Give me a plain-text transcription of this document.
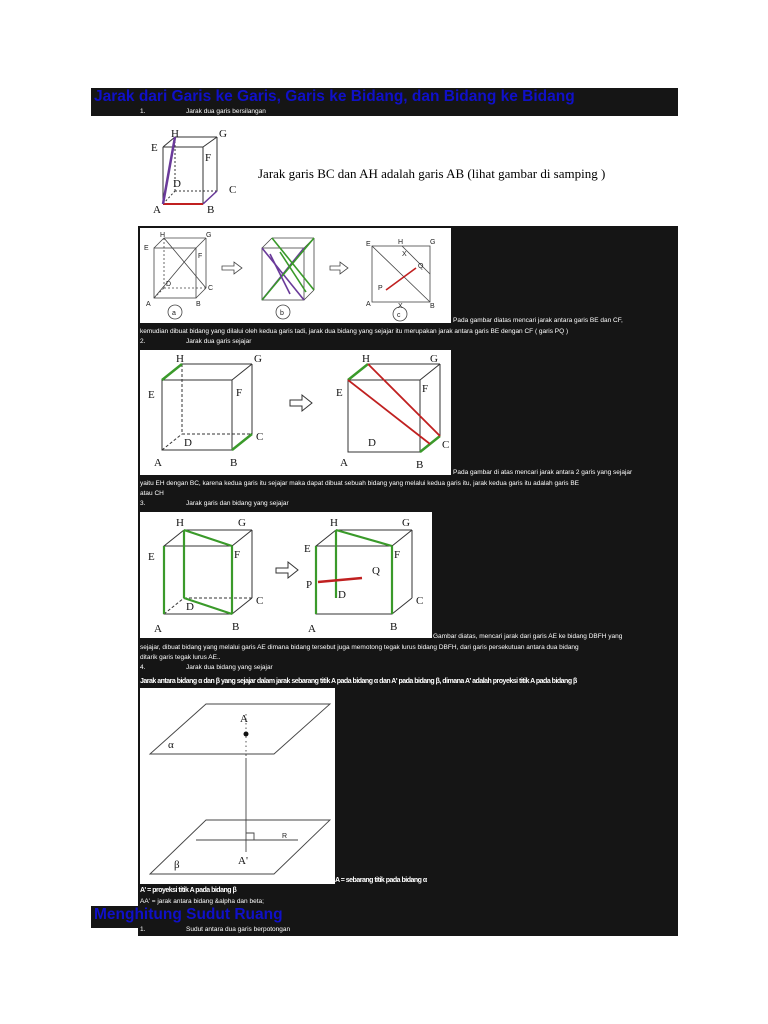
Jarak dari Garis ke Garis, Garis ke Bidang, dan Bidang ke Bidang
1.	Jarak dua garis bersilangan
H	G
E
F
D	C
A	B
Jarak garis BC dan AH adalah garis AB (lihat gambar di samping )
E
H	G
F
D
C
A	B
a	b	c
E	H	G
P
Q
X
A	X	B
Pada gambar diatas mencari jarak antara garis BE dan CF,
kemudian dibuat bidang yang dilalui oleh kedua garis tadi, jarak dua bidang yang sejajar itu merupakan jarak antara garis BE dengan CF ( garis PQ )
2.	Jarak dua garis sejajar
H	G
E	F
D	C
A	B
H	G
E	F
D	C
A	B
Pada gambar di atas mencari jarak antara 2 garis yang sejajar
yaitu EH dengan BC, karena kedua garis itu sejajar maka dapat dibuat sebuah bidang yang melalui kedua garis itu, jarak kedua garis itu adalah garis BE
atau CH
3.	Jarak garis dan bidang yang sejajar
H	G
E	F
D	C
A	B
H	G
E	F
P
Q
D	C
A	B
Gambar diatas, mencari jarak dari garis AE ke bidang DBFH yang
sejajar, dibuat bidang yang melalui garis AE dimana bidang tersebut juga memotong tegak lurus bidang DBFH, dari garis persekutuan antara dua bidang
ditarik garis tegak lurus AE..
4.	Jarak dua bidang yang sejajar
Jarak antara bidang α dan β yang sejajar dalam jarak sebarang titik A pada bidang α dan A' pada bidang β, dimana A' adalah proyeksi titik A pada bidang β
A
α
R
A'
β
A = sebarang titik pada bidang α
A' = proyeksi titik A pada bidang β
AA' = jarak antara bidang &alpha dan beta;
Menghitung Sudut Ruang
1.	Sudut antara dua garis berpotongan
